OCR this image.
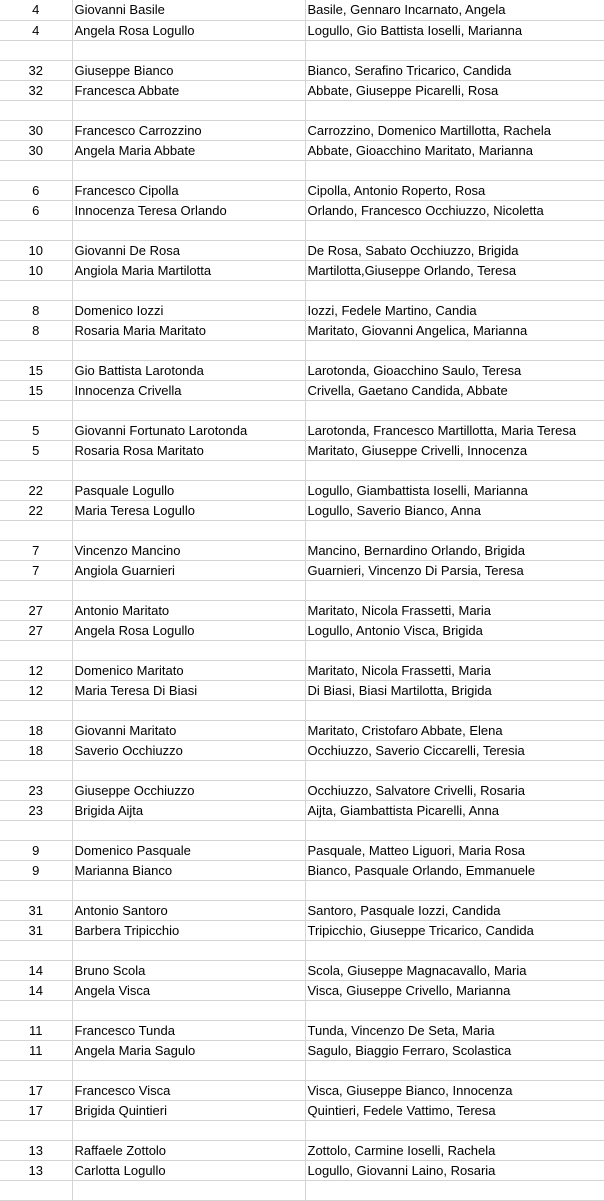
4	Giovanni Basile	Basile, Gennaro Incarnato, Angela
4	Angela Rosa Logullo	Logullo, Gio Battista Ioselli, Marianna

32	Giuseppe Bianco	Bianco, Serafino Tricarico, Candida
32	Francesca Abbate	Abbate, Giuseppe Picarelli, Rosa

30	Francesco Carrozzino	Carrozzino, Domenico Martillottа, Rachela
30	Angela Maria Abbate	Abbate, Gioacchino Maritato, Marianna

6	Francesco Cipolla	Cipolla, Antonio Roperto, Rosa
6	Innocenza Teresa Orlando	Orlando, Francesco Occhiuzzo, Nicoletta

10	Giovanni De Rosa	De Rosa, Sabato Occhiuzzo, Brigida
10	Angiola Maria Martilotta	Martilotta,Giuseppe Orlando, Teresa

8	Domenico Iozzi	Iozzi, Fedele Martino, Candia
8	Rosaria Maria Maritato	Maritato, Giovanni Angelica, Marianna

15	Gio Battista Larotonda	Larotonda, Gioacchino Saulo, Teresa
15	Innocenza Crivella	Crivella, Gaetano Candida, Abbate

5	Giovanni Fortunato Larotonda	Larotonda, Francesco Martillotta, Maria Teresa
5	Rosaria Rosa Maritato	Maritato, Giuseppe Crivelli, Innocenza

22	Pasquale Logullo	Logullo, Giambattista Ioselli, Marianna
22	Maria Teresa Logullo	Logullo, Saverio Bianco, Anna

7	Vincenzo Mancino	Mancino, Bernardino Orlando, Brigida
7	Angiola Guarnieri	Guarnieri, Vincenzo Di Parsia, Teresa

27	Antonio Maritato	Maritato, Nicola Frassetti, Maria
27	Angela Rosa Logullo	Logullo, Antonio Visca, Brigida

12	Domenico Maritato	Maritato, Nicola Frassetti, Maria
12	Maria Teresa Di Biasi	Di Biasi, Biasi Martilotta, Brigida

18	Giovanni Maritato	Maritato, Cristofaro Abbate, Elena
18	Saverio Occhiuzzo	Occhiuzzo, Saverio Ciccarelli, Teresia

23	Giuseppe Occhiuzzo	Occhiuzzo, Salvatore Crivelli, Rosaria
23	Brigida Aijta	Aijta, Giambattista Picarelli, Anna

9	Domenico Pasquale	Pasquale, Matteo Liguori, Maria Rosa
9	Marianna Bianco	Bianco, Pasquale Orlando, Emmanuele

31	Antonio Santoro	Santoro, Pasquale Iozzi, Candida
31	Barbera Tripicchio	Tripicchio, Giuseppe Tricarico, Candida

14	Bruno Scola	Scola, Giuseppe Magnacavallo, Maria
14	Angela Visca	Visca, Giuseppe Crivello, Marianna

11	Francesco Tunda	Tunda, Vincenzo De Seta, Maria
11	Angela Maria Sagulo	Sagulo, Biaggio Ferraro, Scolastica

17	Francesco Visca	Visca, Giuseppe Bianco, Innocenza
17	Brigida Quintieri	Quintieri, Fedele Vattimo, Teresa

13	Raffaele Zottolo	Zottolo, Carmine Ioselli, Rachela
13	Carlotta Logullo	Logullo, Giovanni Laino, Rosaria
